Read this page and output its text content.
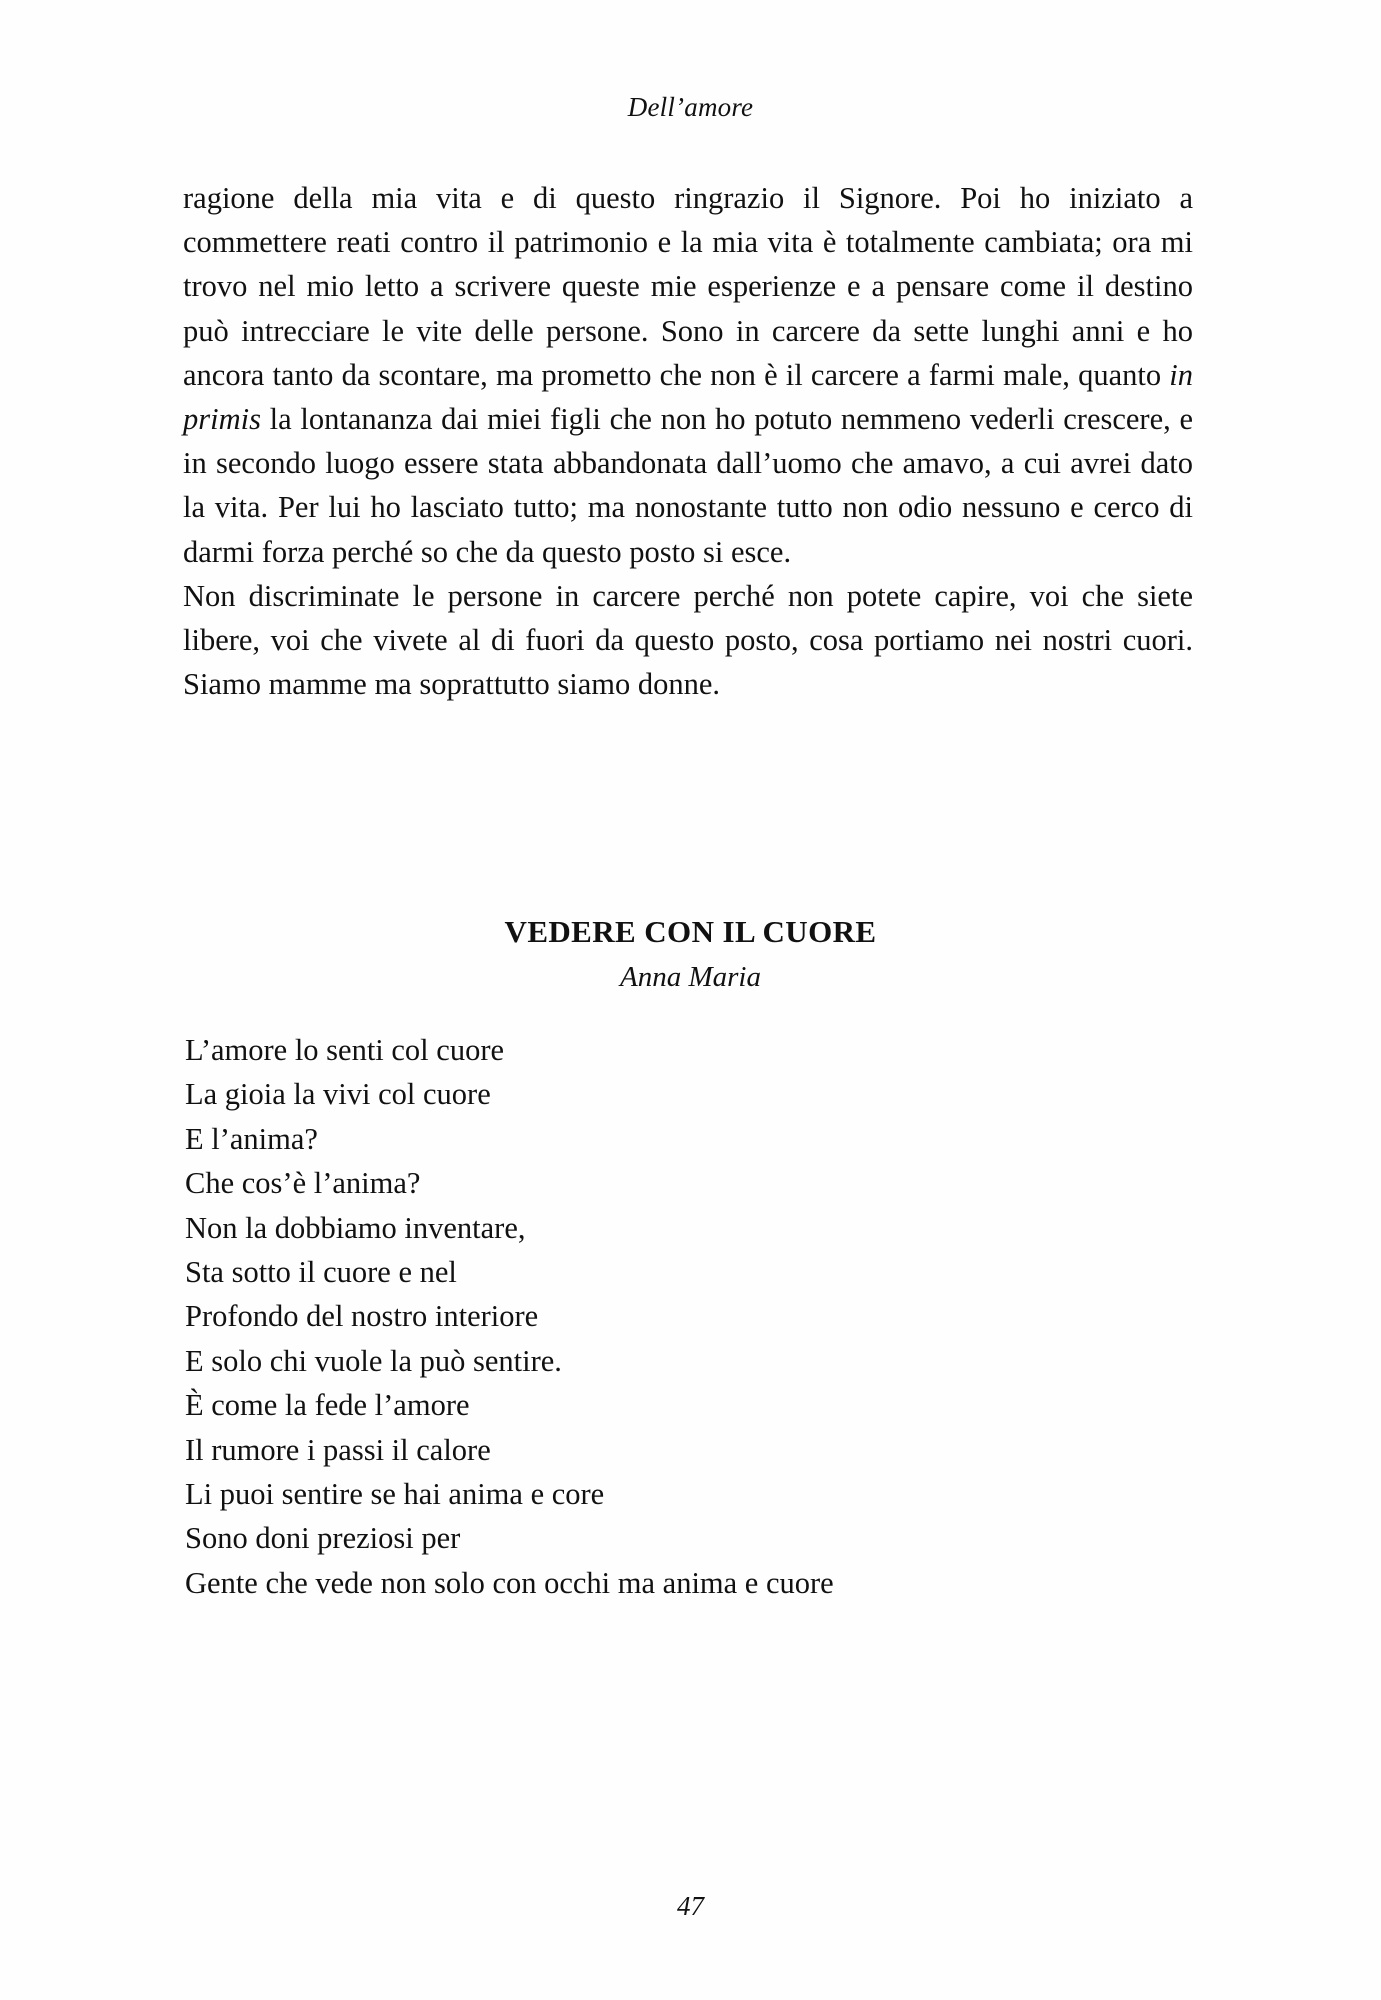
Dell’amore

ragione della mia vita e di questo ringrazio il Signore. Poi ho iniziato a commettere reati contro il patrimonio e la mia vita è totalmente cambiata; ora mi trovo nel mio letto a scrivere queste mie esperienze e a pensare come il destino può intrecciare le vite delle persone. Sono in carcere da sette lunghi anni e ho ancora tanto da scontare, ma prometto che non è il carcere a farmi male, quanto in primis la lontananza dai miei figli che non ho potuto nemmeno vederli crescere, e in secondo luogo essere stata abbandonata dall’uomo che amavo, a cui avrei dato la vita. Per lui ho lasciato tutto; ma nonostante tutto non odio nessuno e cerco di darmi forza perché so che da questo posto si esce.

Non discriminate le persone in carcere perché non potete capire, voi che siete libere, voi che vivete al di fuori da questo posto, cosa portiamo nei nostri cuori. Siamo mamme ma soprattutto siamo donne.

VEDERE CON IL CUORE
Anna Maria
L’amore lo senti col cuore
La gioia la vivi col cuore
E l’anima?
Che cos’è l’anima?
Non la dobbiamo inventare,
Sta sotto il cuore e nel
Profondo del nostro interiore
E solo chi vuole la può sentire.
È come la fede l’amore
Il rumore i passi il calore
Li puoi sentire se hai anima e core
Sono doni preziosi per
Gente che vede non solo con occhi ma anima e cuore
47
